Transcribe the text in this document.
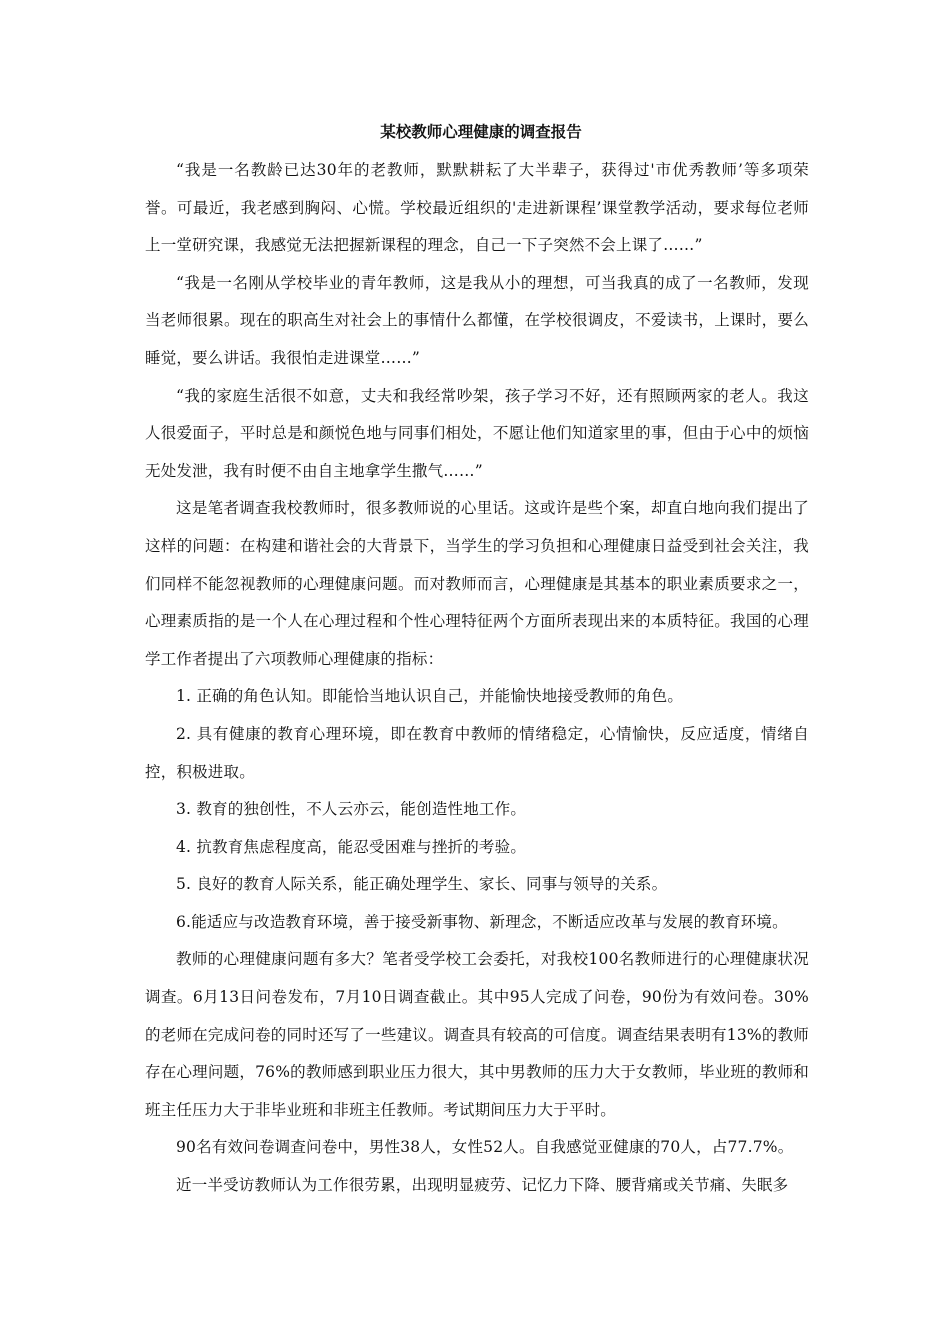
某校教师心理健康的调查报告

“我是一名教龄已达30年的老教师，默默耕耘了大半辈子，获得过'市优秀教师’等多项荣誉。可最近，我老感到胸闷、心慌。学校最近组织的'走进新课程’课堂教学活动，要求每位老师上一堂研究课，我感觉无法把握新课程的理念，自己一下子突然不会上课了……”

“我是一名刚从学校毕业的青年教师，这是我从小的理想，可当我真的成了一名教师，发现当老师很累。现在的职高生对社会上的事情什么都懂，在学校很调皮，不爱读书，上课时，要么睡觉，要么讲话。我很怕走进课堂……”

“我的家庭生活很不如意，丈夫和我经常吵架，孩子学习不好，还有照顾两家的老人。我这人很爱面子，平时总是和颜悦色地与同事们相处，不愿让他们知道家里的事，但由于心中的烦恼无处发泄，我有时便不由自主地拿学生撒气……”

这是笔者调查我校教师时，很多教师说的心里话。这或许是些个案，却直白地向我们提出了这样的问题：在构建和谐社会的大背景下，当学生的学习负担和心理健康日益受到社会关注，我们同样不能忽视教师的心理健康问题。而对教师而言，心理健康是其基本的职业素质要求之一，心理素质指的是一个人在心理过程和个性心理特征两个方面所表现出来的本质特征。我国的心理学工作者提出了六项教师心理健康的指标：

1. 正确的角色认知。即能恰当地认识自己，并能愉快地接受教师的角色。

2. 具有健康的教育心理环境，即在教育中教师的情绪稳定，心情愉快，反应适度，情绪自控，积极进取。

3. 教育的独创性，不人云亦云，能创造性地工作。

4. 抗教育焦虑程度高，能忍受困难与挫折的考验。

5. 良好的教育人际关系，能正确处理学生、家长、同事与领导的关系。

6.能适应与改造教育环境，善于接受新事物、新理念，不断适应改革与发展的教育环境。

教师的心理健康问题有多大？笔者受学校工会委托，对我校100名教师进行的心理健康状况调查。6月13日问卷发布，7月10日调查截止。其中95人完成了问卷，90份为有效问卷。30%的老师在完成问卷的同时还写了一些建议。调查具有较高的可信度。调查结果表明有13%的教师存在心理问题，76%的教师感到职业压力很大，其中男教师的压力大于女教师，毕业班的教师和班主任压力大于非毕业班和非班主任教师。考试期间压力大于平时。

90名有效问卷调查问卷中，男性38人，女性52人。自我感觉亚健康的70人，占77.7%。

近一半受访教师认为工作很劳累，出现明显疲劳、记忆力下降、腰背痛或关节痛、失眠多
